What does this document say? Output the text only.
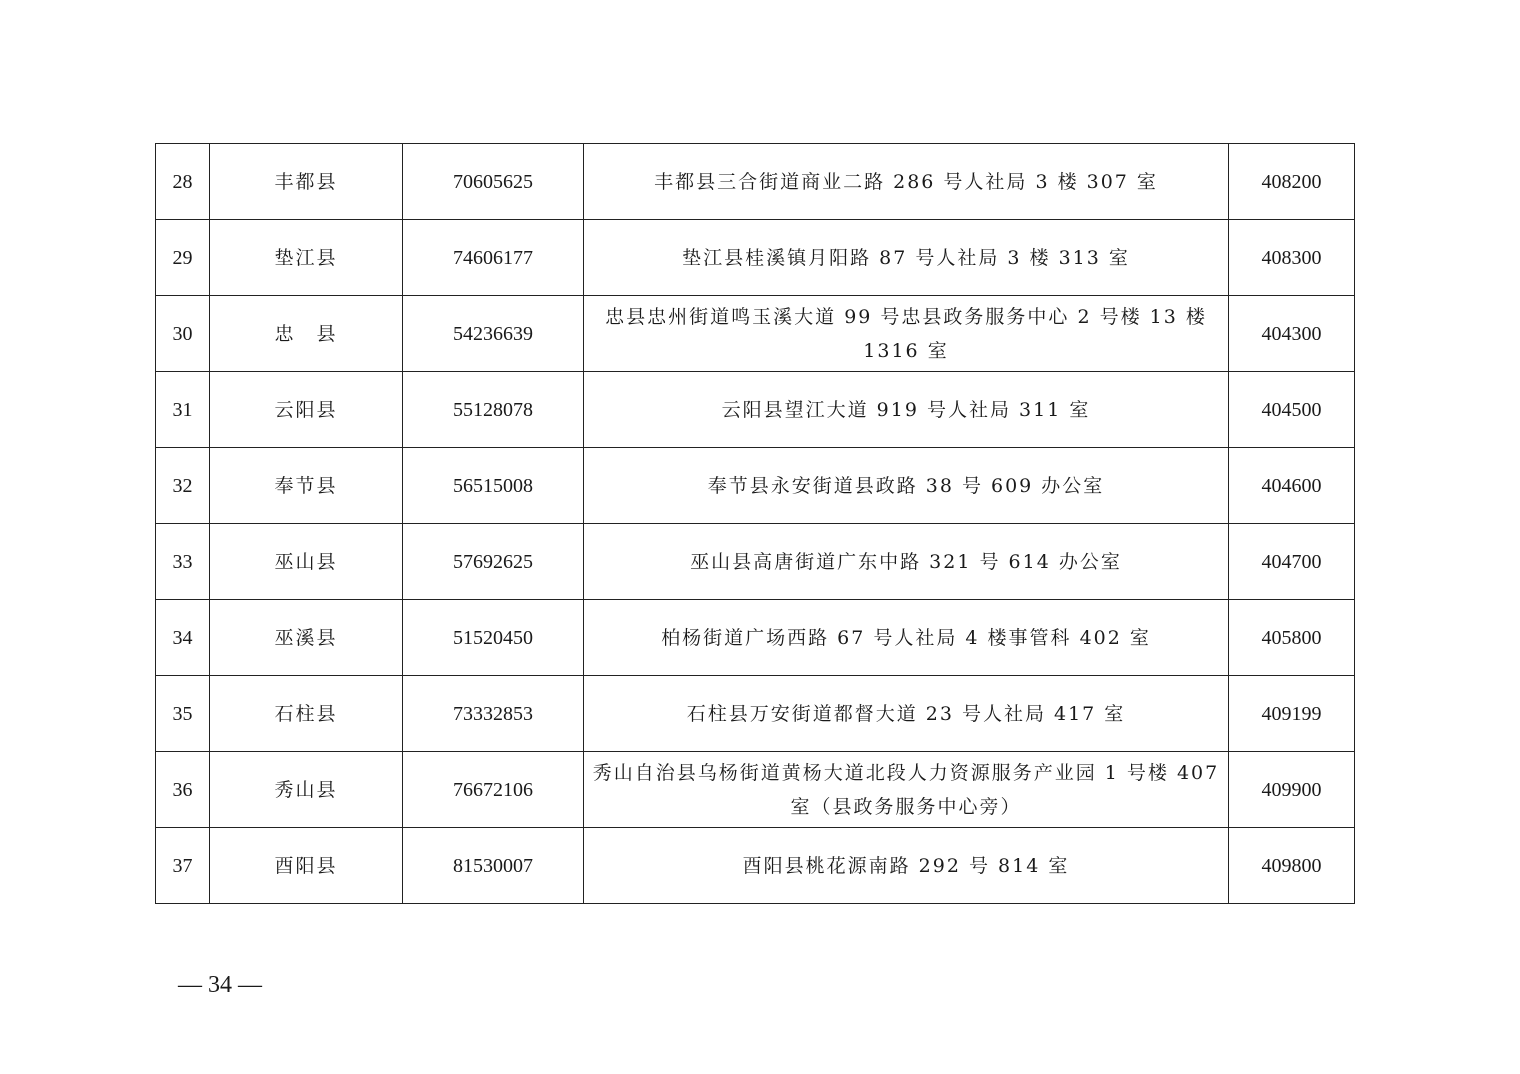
28	丰都县	70605625	丰都县三合街道商业二路 286 号人社局 3 楼 307 室	408200
29	垫江县	74606177	垫江县桂溪镇月阳路 87 号人社局 3 楼 313 室	408300
30	忠　县	54236639	忠县忠州街道鸣玉溪大道 99 号忠县政务服务中心 2 号楼 13 楼 1316 室	404300
31	云阳县	55128078	云阳县望江大道 919 号人社局 311 室	404500
32	奉节县	56515008	奉节县永安街道县政路 38 号 609 办公室	404600
33	巫山县	57692625	巫山县高唐街道广东中路 321 号 614 办公室	404700
34	巫溪县	51520450	柏杨街道广场西路 67 号人社局 4 楼事管科 402 室	405800
35	石柱县	73332853	石柱县万安街道都督大道 23 号人社局 417 室	409199
36	秀山县	76672106	秀山自治县乌杨街道黄杨大道北段人力资源服务产业园 1 号楼 407 室（县政务服务中心旁）	409900
37	酉阳县	81530007	酉阳县桃花源南路 292 号 814 室	409800
— 34 —
